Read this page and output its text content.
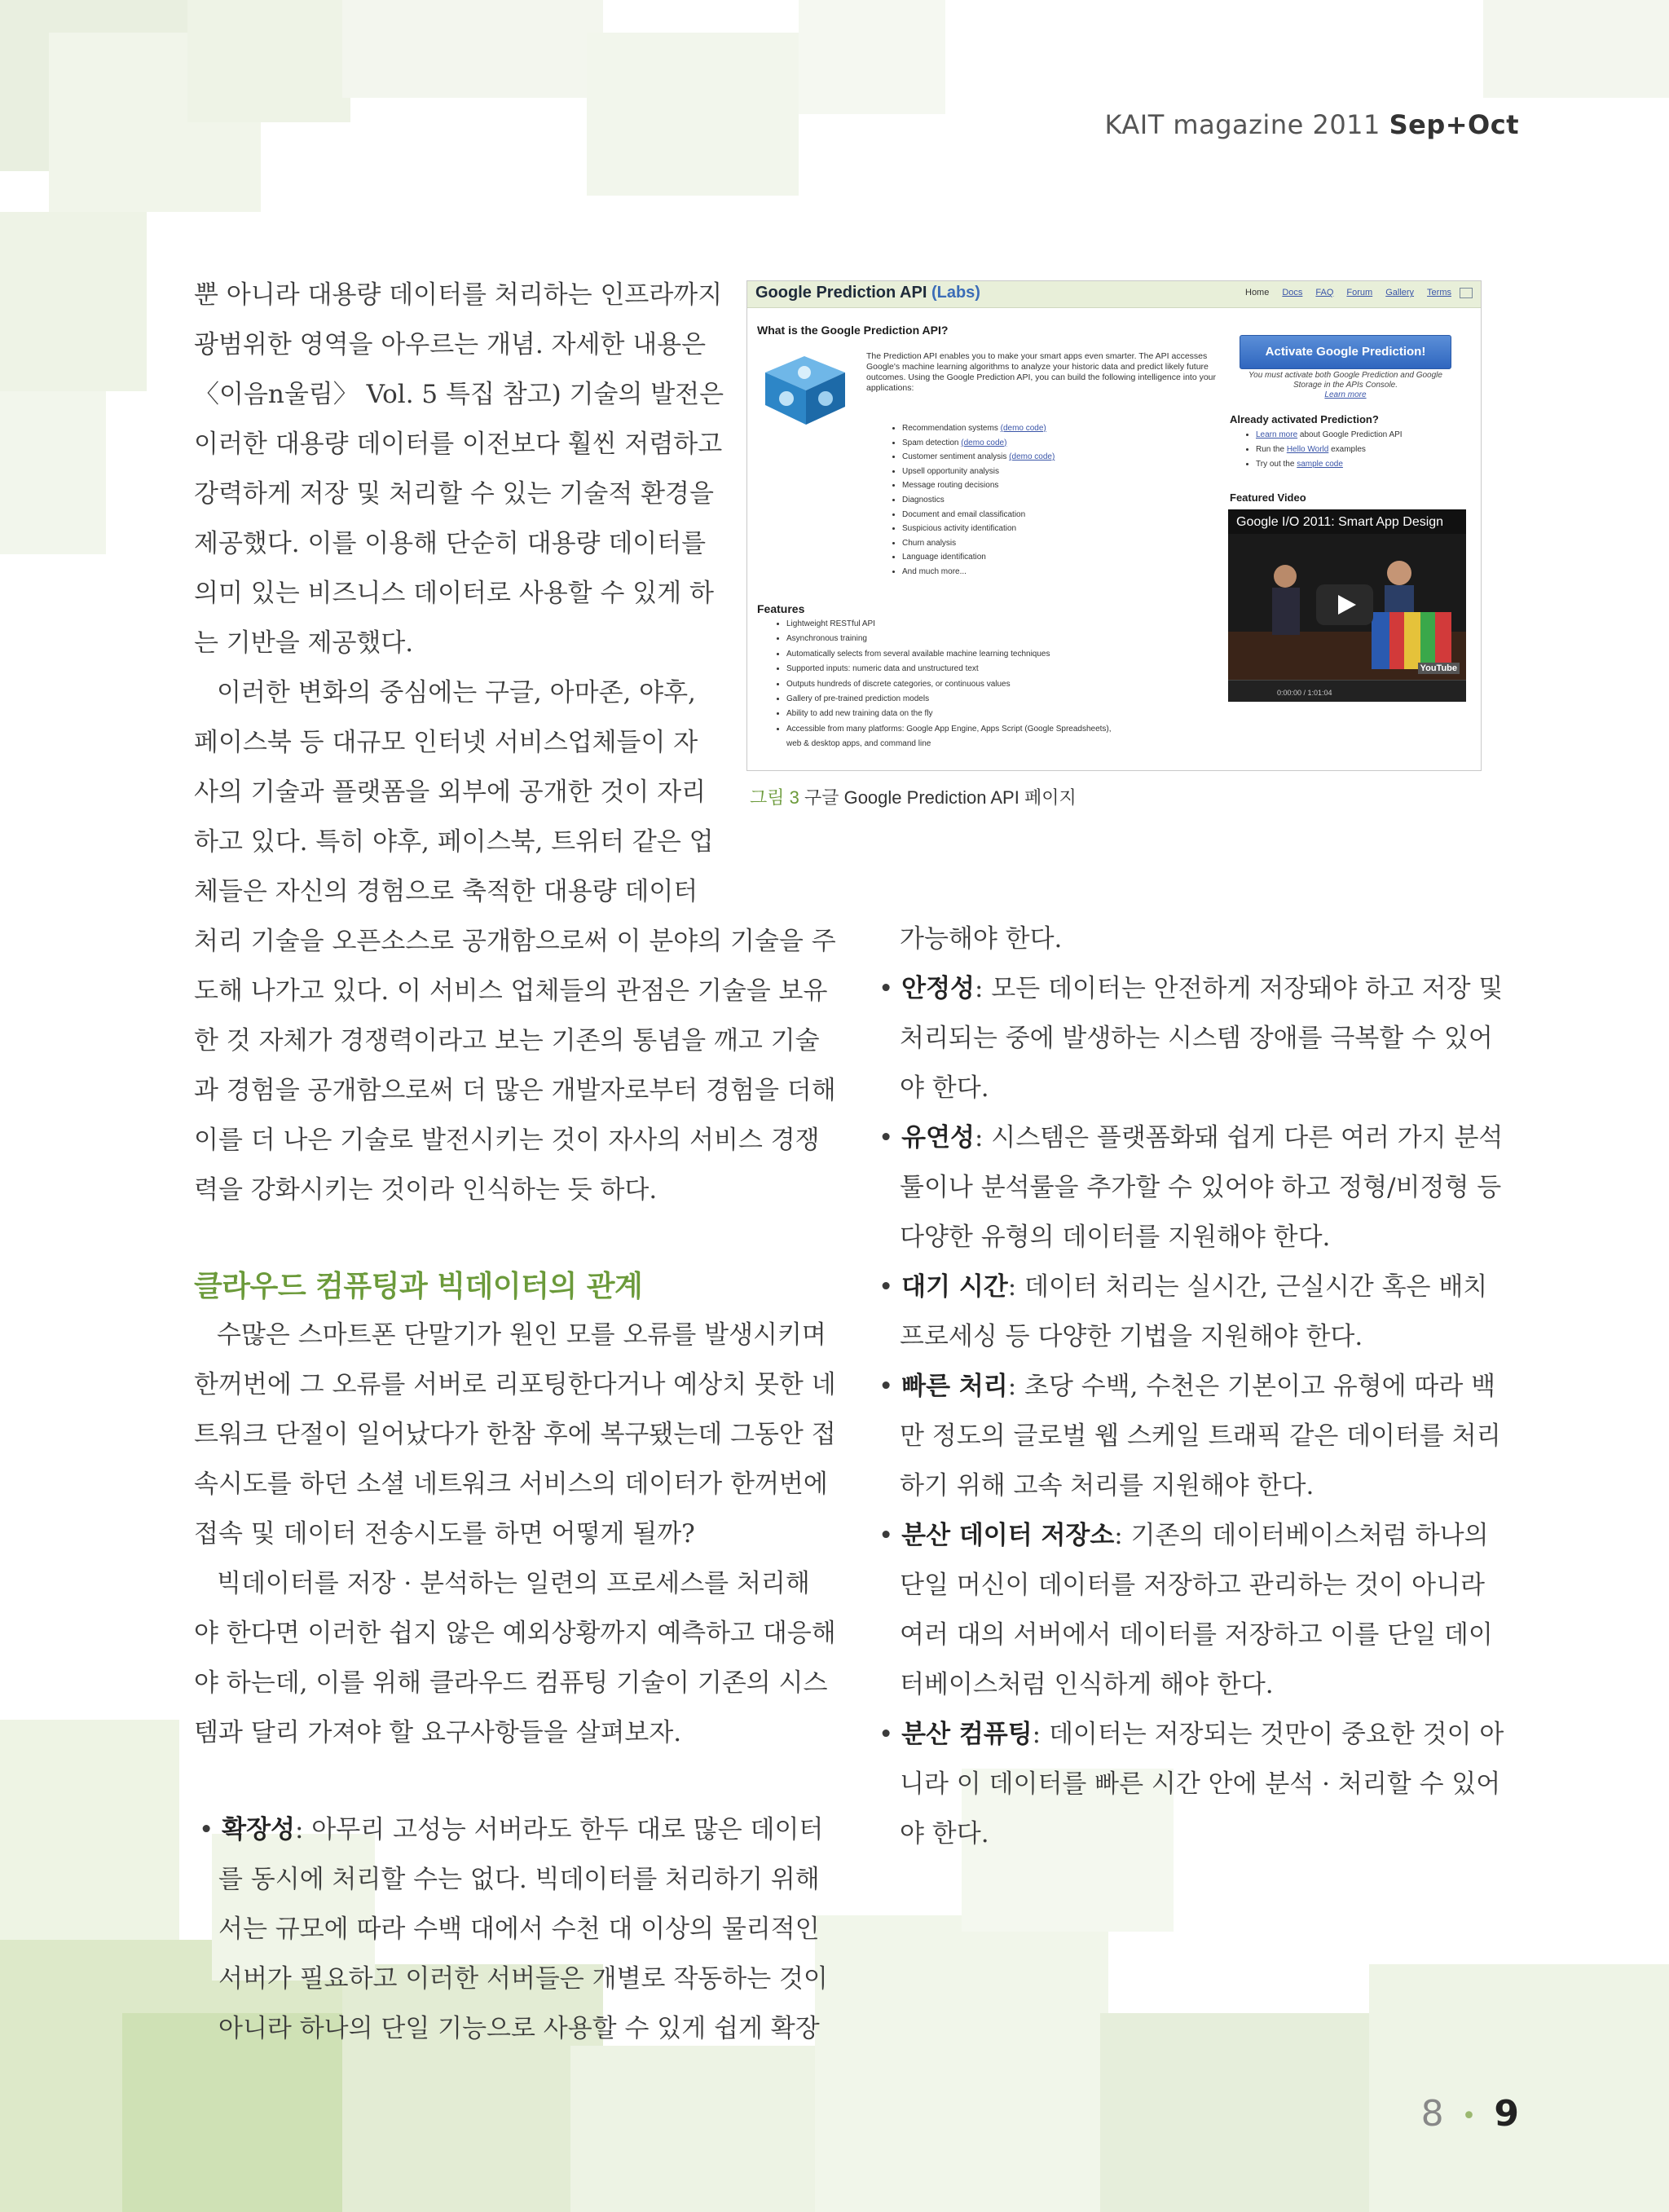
KAIT magazine 2011 Sep+Oct
뿐 아니라 대용량 데이터를 처리하는 인프라까지
광범위한 영역을 아우르는 개념. 자세한 내용은
〈이음n울림〉 Vol. 5 특집 참고) 기술의 발전은
이러한 대용량 데이터를 이전보다 훨씬 저렴하고
강력하게 저장 및 처리할 수 있는 기술적 환경을
제공했다. 이를 이용해 단순히 대용량 데이터를
의미 있는 비즈니스 데이터로 사용할 수 있게 하
는 기반을 제공했다.
이러한 변화의 중심에는 구글, 아마존, 야후,
페이스북 등 대규모 인터넷 서비스업체들이 자
사의 기술과 플랫폼을 외부에 공개한 것이 자리
하고 있다. 특히 야후, 페이스북, 트위터 같은 업
체들은 자신의 경험으로 축적한 대용량 데이터
처리 기술을 오픈소스로 공개함으로써 이 분야의 기술을 주
도해 나가고 있다. 이 서비스 업체들의 관점은 기술을 보유
한 것 자체가 경쟁력이라고 보는 기존의 통념을 깨고 기술
과 경험을 공개함으로써 더 많은 개발자로부터 경험을 더해
이를 더 나은 기술로 발전시키는 것이 자사의 서비스 경쟁
력을 강화시키는 것이라 인식하는 듯 하다.
Google Prediction API (Labs)	Home Docs FAQ Forum Gallery Terms
What is the Google Prediction API?
The Prediction API enables you to make your smart apps even smarter. The API accesses Google's machine learning algorithms to analyze your historic data and predict likely future outcomes. Using the Google Prediction API, you can build the following intelligence into your applications:
• Recommendation systems (demo code)
• Spam detection (demo code)
• Customer sentiment analysis (demo code)
• Upsell opportunity analysis
• Message routing decisions
• Diagnostics
• Document and email classification
• Suspicious activity identification
• Churn analysis
• Language identification
• And much more...
Features
• Lightweight RESTful API
• Asynchronous training
• Automatically selects from several available machine learning techniques
• Supported inputs: numeric data and unstructured text
• Outputs hundreds of discrete categories, or continuous values
• Gallery of pre-trained prediction models
• Ability to add new training data on the fly
• Accessible from many platforms: Google App Engine, Apps Script (Google Spreadsheets),
web & desktop apps, and command line
Activate Google Prediction!
You must activate both Google Prediction and Google Storage in the APIs Console.
Learn more
Already activated Prediction?
• Learn more about Google Prediction API
• Run the Hello World examples
• Try out the sample code
Featured Video
Google I/O 2011: Smart App Design
YouTube
0:00:00 / 1:01:04
그림 3 구글 Google Prediction API 페이지
클라우드 컴퓨팅과 빅데이터의 관계
수많은 스마트폰 단말기가 원인 모를 오류를 발생시키며
한꺼번에 그 오류를 서버로 리포팅한다거나 예상치 못한 네
트워크 단절이 일어났다가 한참 후에 복구됐는데 그동안 접
속시도를 하던 소셜 네트워크 서비스의 데이터가 한꺼번에
접속 및 데이터 전송시도를 하면 어떻게 될까?
빅데이터를 저장 · 분석하는 일련의 프로세스를 처리해
야 한다면 이러한 쉽지 않은 예외상황까지 예측하고 대응해
야 하는데, 이를 위해 클라우드 컴퓨팅 기술이 기존의 시스
템과 달리 가져야 할 요구사항들을 살펴보자.
• 확장성: 아무리 고성능 서버라도 한두 대로 많은 데이터
를 동시에 처리할 수는 없다. 빅데이터를 처리하기 위해
서는 규모에 따라 수백 대에서 수천 대 이상의 물리적인
서버가 필요하고 이러한 서버들은 개별로 작동하는 것이
아니라 하나의 단일 기능으로 사용할 수 있게 쉽게 확장
가능해야 한다.
• 안정성: 모든 데이터는 안전하게 저장돼야 하고 저장 및
처리되는 중에 발생하는 시스템 장애를 극복할 수 있어
야 한다.
• 유연성: 시스템은 플랫폼화돼 쉽게 다른 여러 가지 분석
툴이나 분석룰을 추가할 수 있어야 하고 정형/비정형 등
다양한 유형의 데이터를 지원해야 한다.
• 대기 시간: 데이터 처리는 실시간, 근실시간 혹은 배치
프로세싱 등 다양한 기법을 지원해야 한다.
• 빠른 처리: 초당 수백, 수천은 기본이고 유형에 따라 백
만 정도의 글로벌 웹 스케일 트래픽 같은 데이터를 처리
하기 위해 고속 처리를 지원해야 한다.
• 분산 데이터 저장소: 기존의 데이터베이스처럼 하나의
단일 머신이 데이터를 저장하고 관리하는 것이 아니라
여러 대의 서버에서 데이터를 저장하고 이를 단일 데이
터베이스처럼 인식하게 해야 한다.
• 분산 컴퓨팅: 데이터는 저장되는 것만이 중요한 것이 아
니라 이 데이터를 빠른 시간 안에 분석 · 처리할 수 있어
야 한다.
8 • 9
